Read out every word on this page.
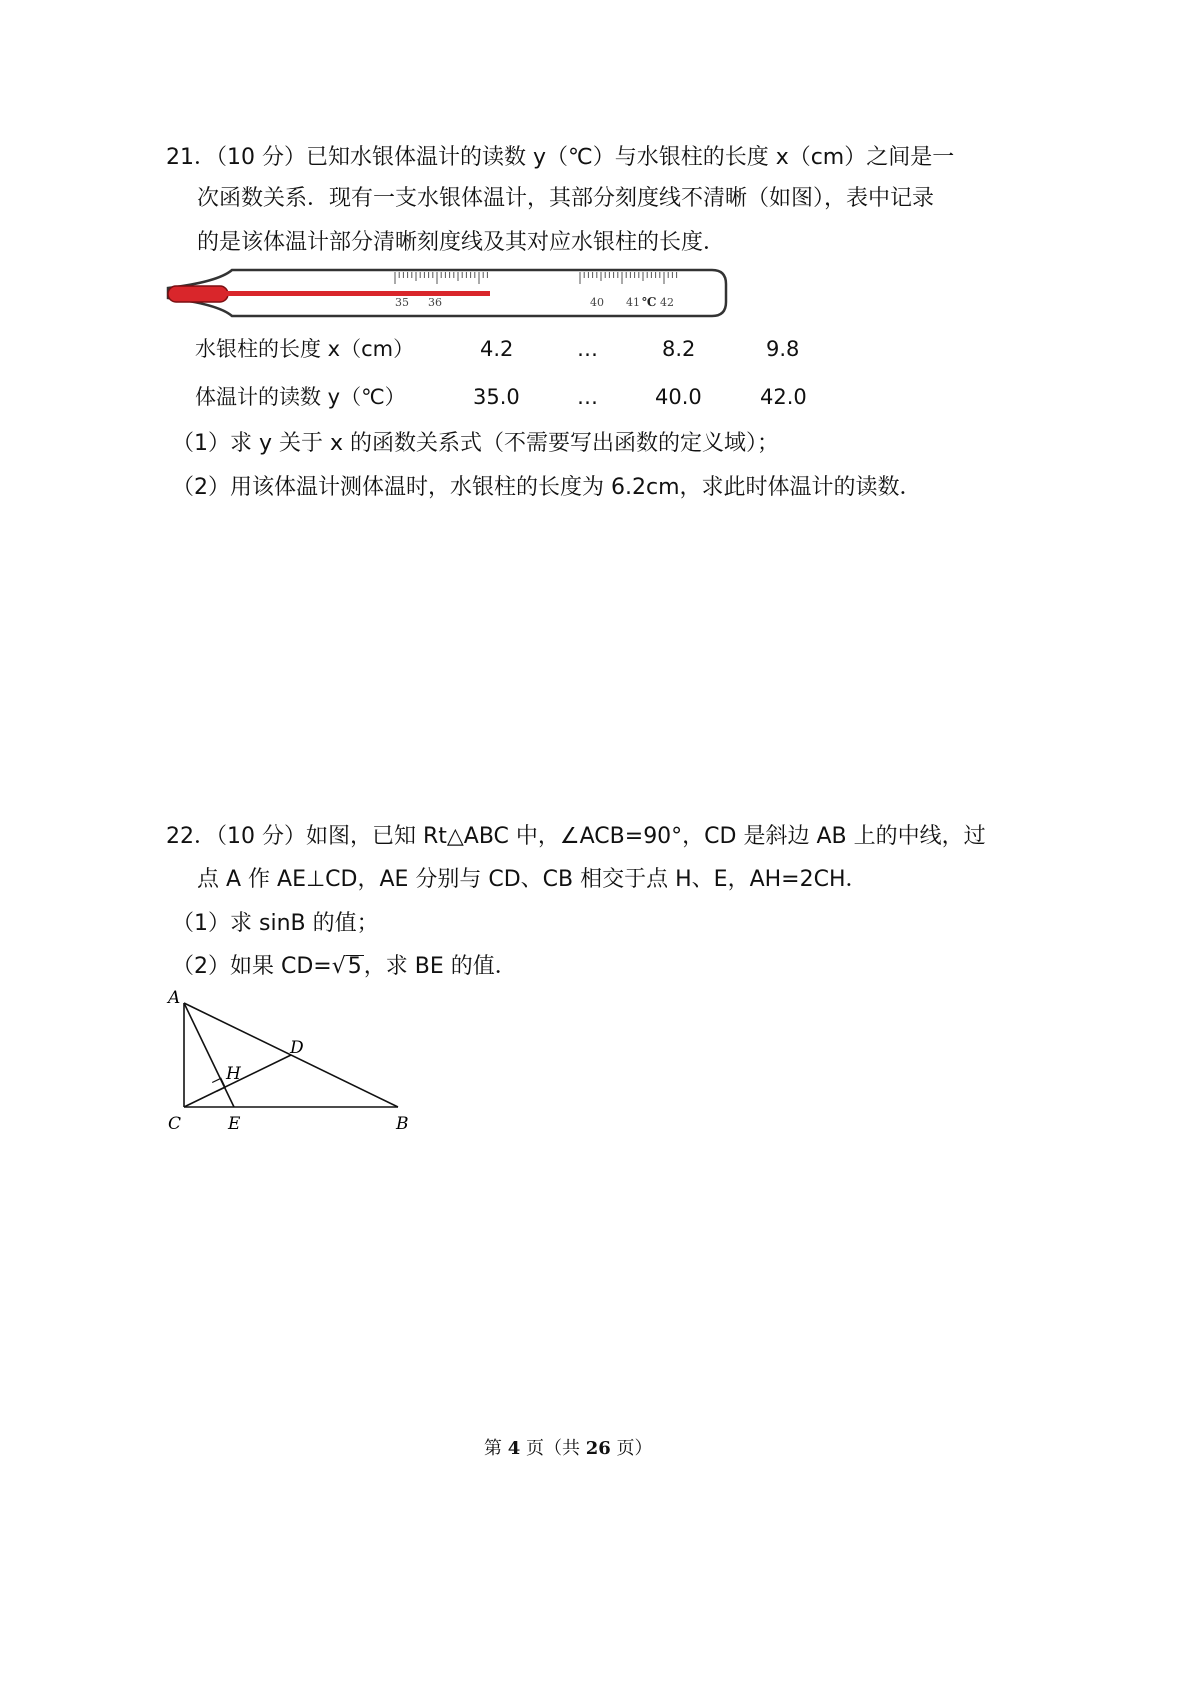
21．（10 分）已知水银体温计的读数 y（℃）与水银柱的长度 x（cm）之间是一
次函数关系．现有一支水银体温计，其部分刻度线不清晰（如图），表中记录
的是该体温计部分清晰刻度线及其对应水银柱的长度．
35 36	40 41 ℃ 42
水银柱的长度 x（cm）	4.2	…	8.2	9.8
体温计的读数 y（℃）	35.0	…	40.0	42.0
（1）求 y 关于 x 的函数关系式（不需要写出函数的定义域）；
（2）用该体温计测体温时，水银柱的长度为 6.2cm，求此时体温计的读数．
22．（10 分）如图，已知 Rt△ABC 中，∠ACB=90°，CD 是斜边 AB 上的中线，过
点 A 作 AE⊥CD，AE 分别与 CD、CB 相交于点 H、E，AH=2CH．
（1）求 sinB 的值；
（2）如果 CD=√5，求 BE 的值．
A
D
H
C	E	B
第 4 页（共 26 页）
